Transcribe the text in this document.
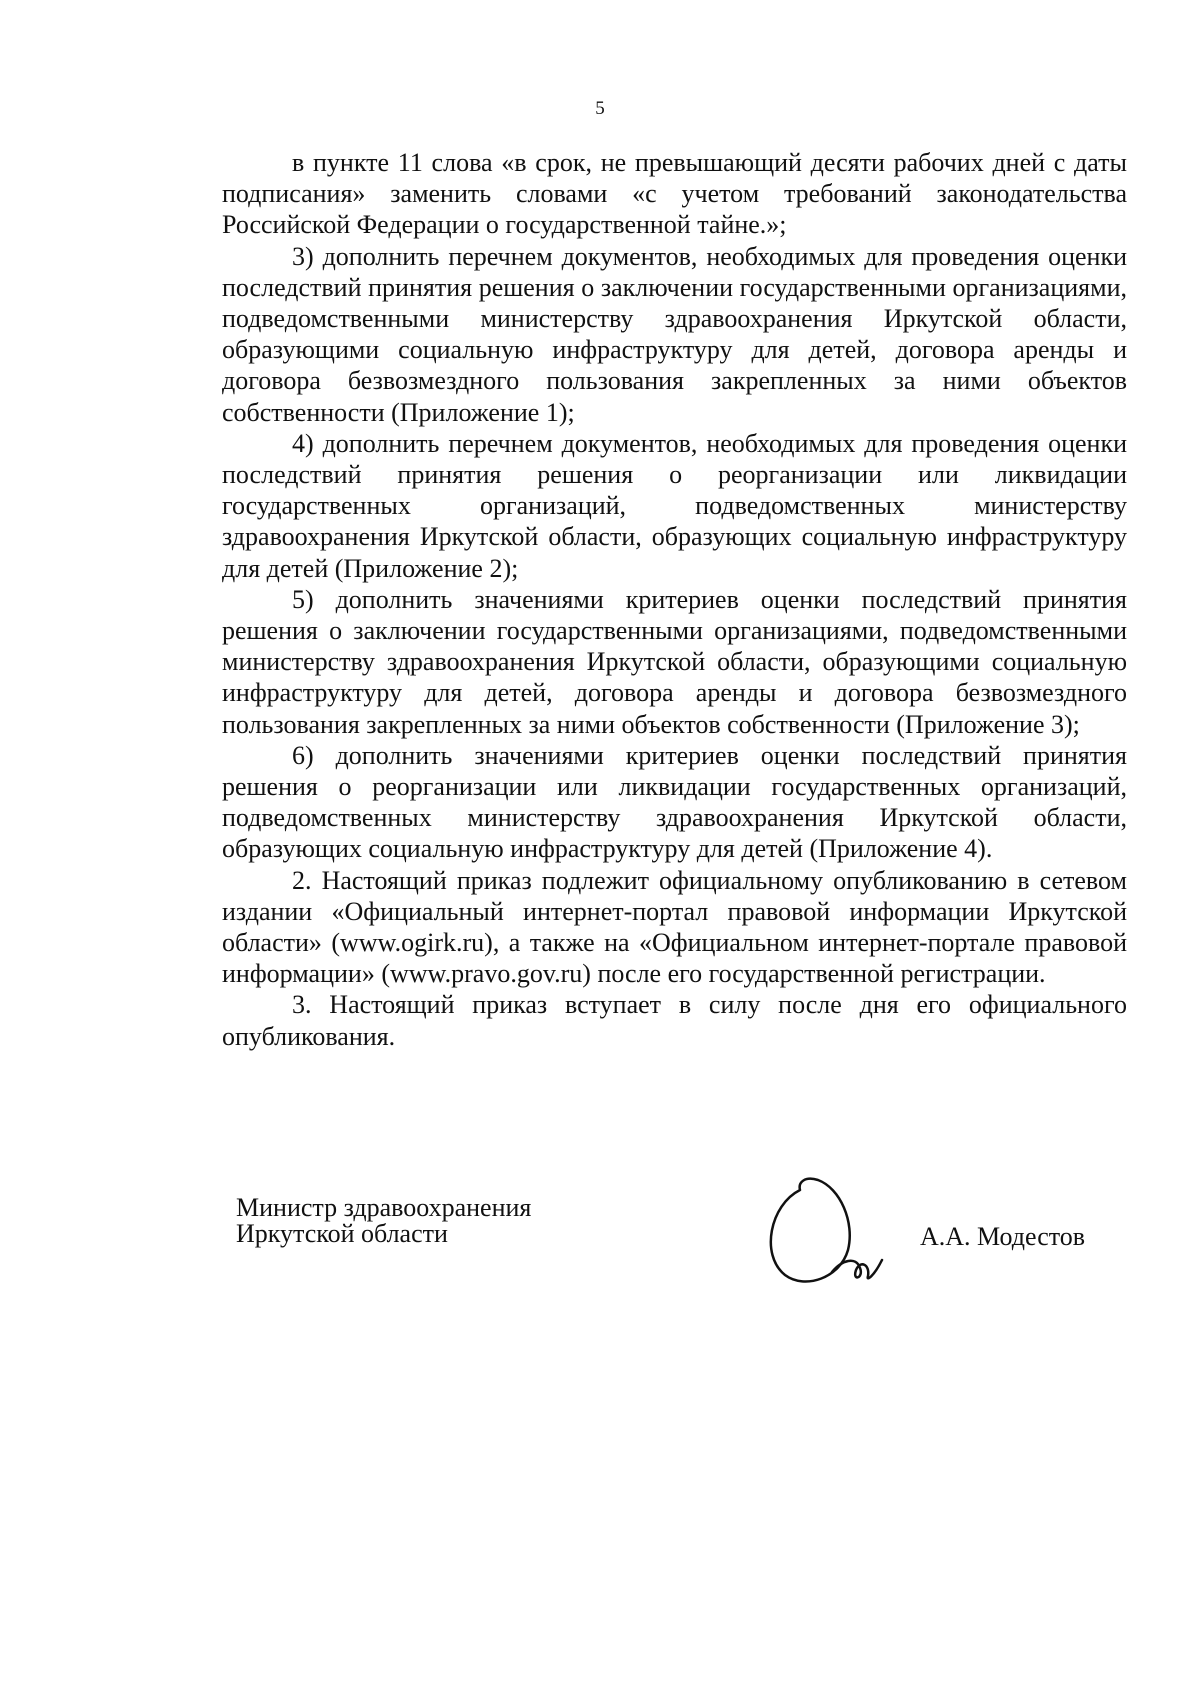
5

в пункте 11 слова «в срок, не превышающий десяти рабочих дней с даты подписания» заменить словами «с учетом требований законодательства Российской Федерации о государственной тайне.»;

3) дополнить перечнем документов, необходимых для проведения оценки последствий принятия решения о заключении государственными организациями, подведомственными министерству здравоохранения Иркутской области, образующими социальную инфраструктуру для детей, договора аренды и договора безвозмездного пользования закрепленных за ними объектов собственности (Приложение 1);

4) дополнить перечнем документов, необходимых для проведения оценки последствий принятия решения о реорганизации или ликвидации государственных организаций, подведомственных министерству здравоохранения Иркутской области, образующих социальную инфраструктуру для детей (Приложение 2);

5) дополнить значениями критериев оценки последствий принятия решения о заключении государственными организациями, подведомственными министерству здравоохранения Иркутской области, образующими социальную инфраструктуру для детей, договора аренды и договора безвозмездного пользования закрепленных за ними объектов собственности (Приложение 3);

6) дополнить значениями критериев оценки последствий принятия решения о реорганизации или ликвидации государственных организаций, подведомственных министерству здравоохранения Иркутской области, образующих социальную инфраструктуру для детей (Приложение 4).

2. Настоящий приказ подлежит официальному опубликованию в сетевом издании «Официальный интернет-портал правовой информации Иркутской области» (www.ogirk.ru), а также на «Официальном интернет-портале правовой информации» (www.pravo.gov.ru) после его государственной регистрации.

3. Настоящий приказ вступает в силу после дня его официального опубликования.

Министр здравоохранения
Иркутской области	А.А. Модестов
